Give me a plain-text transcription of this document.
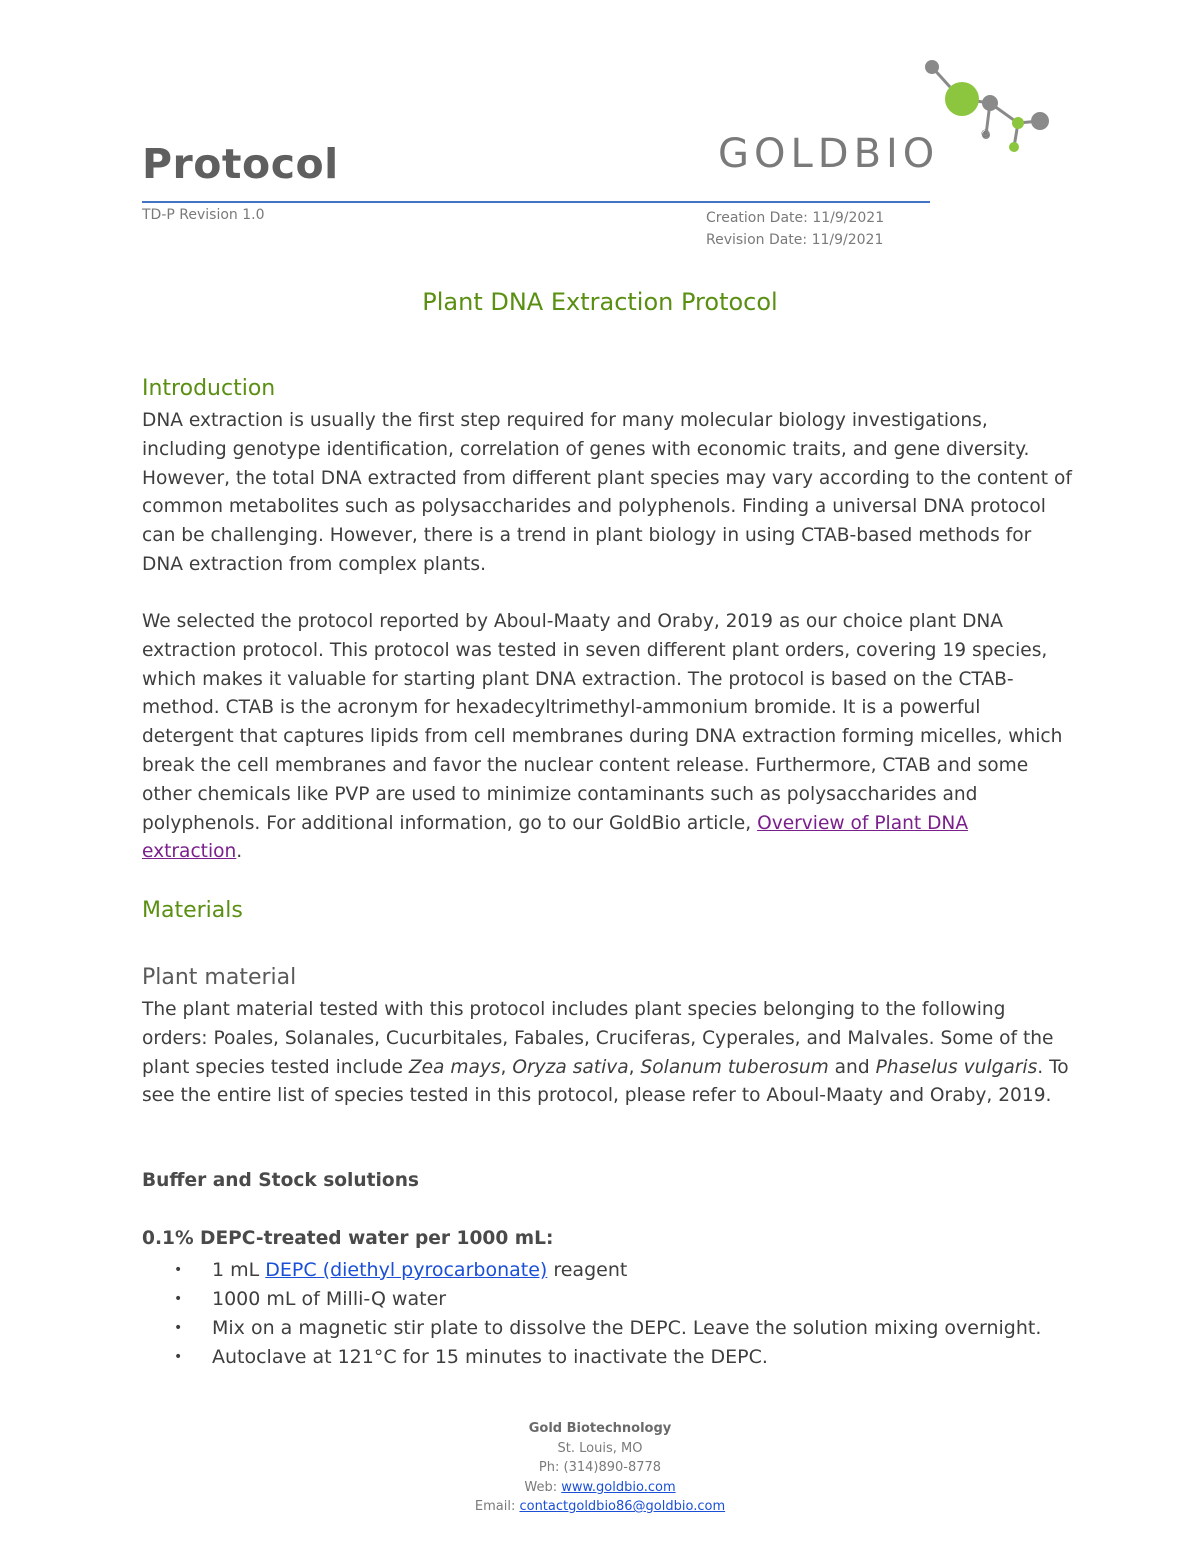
Protocol
TD-P Revision 1.0	Creation Date: 11/9/2021
Revision Date: 11/9/2021
GOLDBIO	®
Plant DNA Extraction Protocol
Introduction
DNA extraction is usually the first step required for many molecular biology investigations, including genotype identification, correlation of genes with economic traits, and gene diversity. However, the total DNA extracted from different plant species may vary according to the content of common metabolites such as polysaccharides and polyphenols. Finding a universal DNA protocol can be challenging. However, there is a trend in plant biology in using CTAB-based methods for DNA extraction from complex plants.
We selected the protocol reported by Aboul-Maaty and Oraby, 2019 as our choice plant DNA extraction protocol. This protocol was tested in seven different plant orders, covering 19 species, which makes it valuable for starting plant DNA extraction. The protocol is based on the CTAB-method. CTAB is the acronym for hexadecyltrimethyl-ammonium bromide. It is a powerful detergent that captures lipids from cell membranes during DNA extraction forming micelles, which break the cell membranes and favor the nuclear content release. Furthermore, CTAB and some other chemicals like PVP are used to minimize contaminants such as polysaccharides and polyphenols. For additional information, go to our GoldBio article, Overview of Plant DNA extraction.
Materials
Plant material
The plant material tested with this protocol includes plant species belonging to the following orders: Poales, Solanales, Cucurbitales, Fabales, Cruciferas, Cyperales, and Malvales. Some of the plant species tested include Zea mays, Oryza sativa, Solanum tuberosum and Phaselus vulgaris. To see the entire list of species tested in this protocol, please refer to Aboul-Maaty and Oraby, 2019.
Buffer and Stock solutions
0.1% DEPC-treated water per 1000 mL:
• 1 mL DEPC (diethyl pyrocarbonate) reagent
• 1000 mL of Milli-Q water
• Mix on a magnetic stir plate to dissolve the DEPC. Leave the solution mixing overnight.
• Autoclave at 121°C for 15 minutes to inactivate the DEPC.
Gold Biotechnology
St. Louis, MO
Ph: (314)890-8778
Web: www.goldbio.com
Email: contactgoldbio86@goldbio.com
